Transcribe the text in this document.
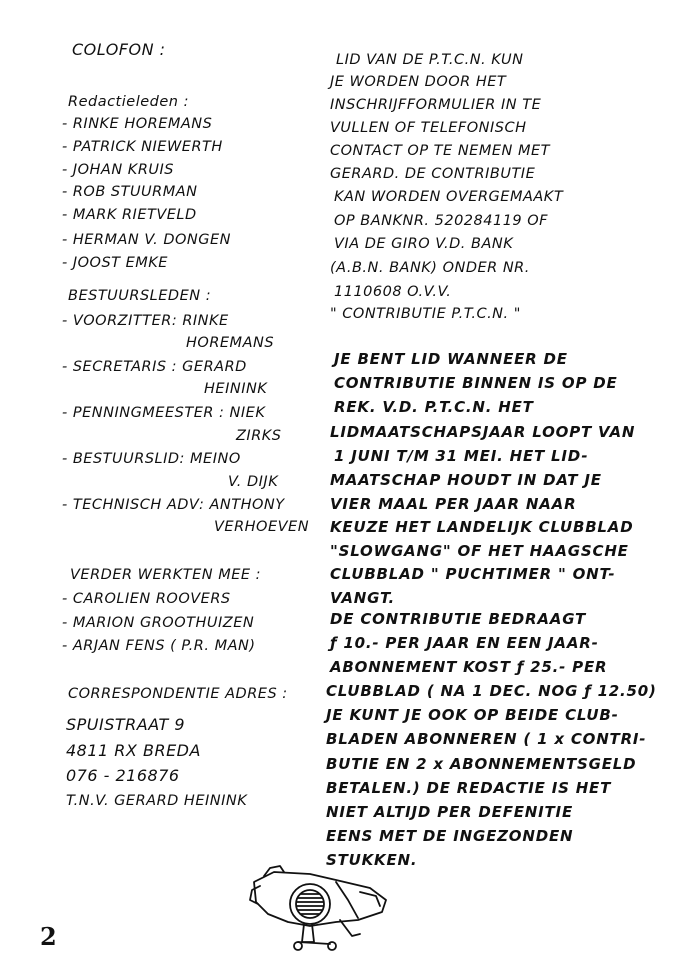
COLOFON :
Redactieleden :
- RINKE HOREMANS
- PATRICK NIEWERTH
- JOHAN KRUIS
- ROB STUURMAN
- MARK RIETVELD
- HERMAN V. DONGEN
- JOOST EMKE
BESTUURSLEDEN :
- VOORZITTER: RINKE
HOREMANS
- SECRETARIS : GERARD
HEININK
- PENNINGMEESTER : NIEK
ZIRKS
- BESTUURSLID: MEINO
V. DIJK
- TECHNISCH ADV: ANTHONY
VERHOEVEN
VERDER WERKTEN MEE :
- CAROLIEN ROOVERS
- MARION GROOTHUIZEN
- ARJAN FENS ( P.R. MAN)
CORRESPONDENTIE ADRES :
SPUISTRAAT 9
4811 RX BREDA
076 - 216876
T.N.V. GERARD HEININK
LID VAN DE P.T.C.N. KUN
JE WORDEN DOOR HET
INSCHRIJFFORMULIER IN TE
VULLEN OF TELEFONISCH
CONTACT OP TE NEMEN MET
GERARD. DE CONTRIBUTIE
KAN WORDEN OVERGEMAAKT
OP BANKNR. 520284119 OF
VIA DE GIRO V.D. BANK
(A.B.N. BANK) ONDER NR.
1110608 O.V.V.
" CONTRIBUTIE P.T.C.N. "
JE BENT LID WANNEER DE
CONTRIBUTIE BINNEN IS OP DE
REK. V.D. P.T.C.N. HET
LIDMAATSCHAPSJAAR LOOPT VAN
1 JUNI T/M 31 MEI. HET LID-
MAATSCHAP HOUDT IN DAT JE
VIER MAAL PER JAAR NAAR
KEUZE HET LANDELIJK CLUBBLAD
"SLOWGANG" OF HET HAAGSCHE
CLUBBLAD " PUCHTIMER " ONT-
VANGT.
DE CONTRIBUTIE BEDRAAGT
ƒ 10.- PER JAAR EN EEN JAAR-
ABONNEMENT KOST ƒ 25.- PER
CLUBBLAD ( NA 1 DEC. NOG ƒ 12.50)
JE KUNT JE OOK OP BEIDE CLUB-
BLADEN ABONNEREN ( 1 x CONTRI-
BUTIE EN 2 x ABONNEMENTSGELD
BETALEN.) DE REDACTIE IS HET
NIET ALTIJD PER DEFENITIE
EENS MET DE INGEZONDEN
STUKKEN.
2
